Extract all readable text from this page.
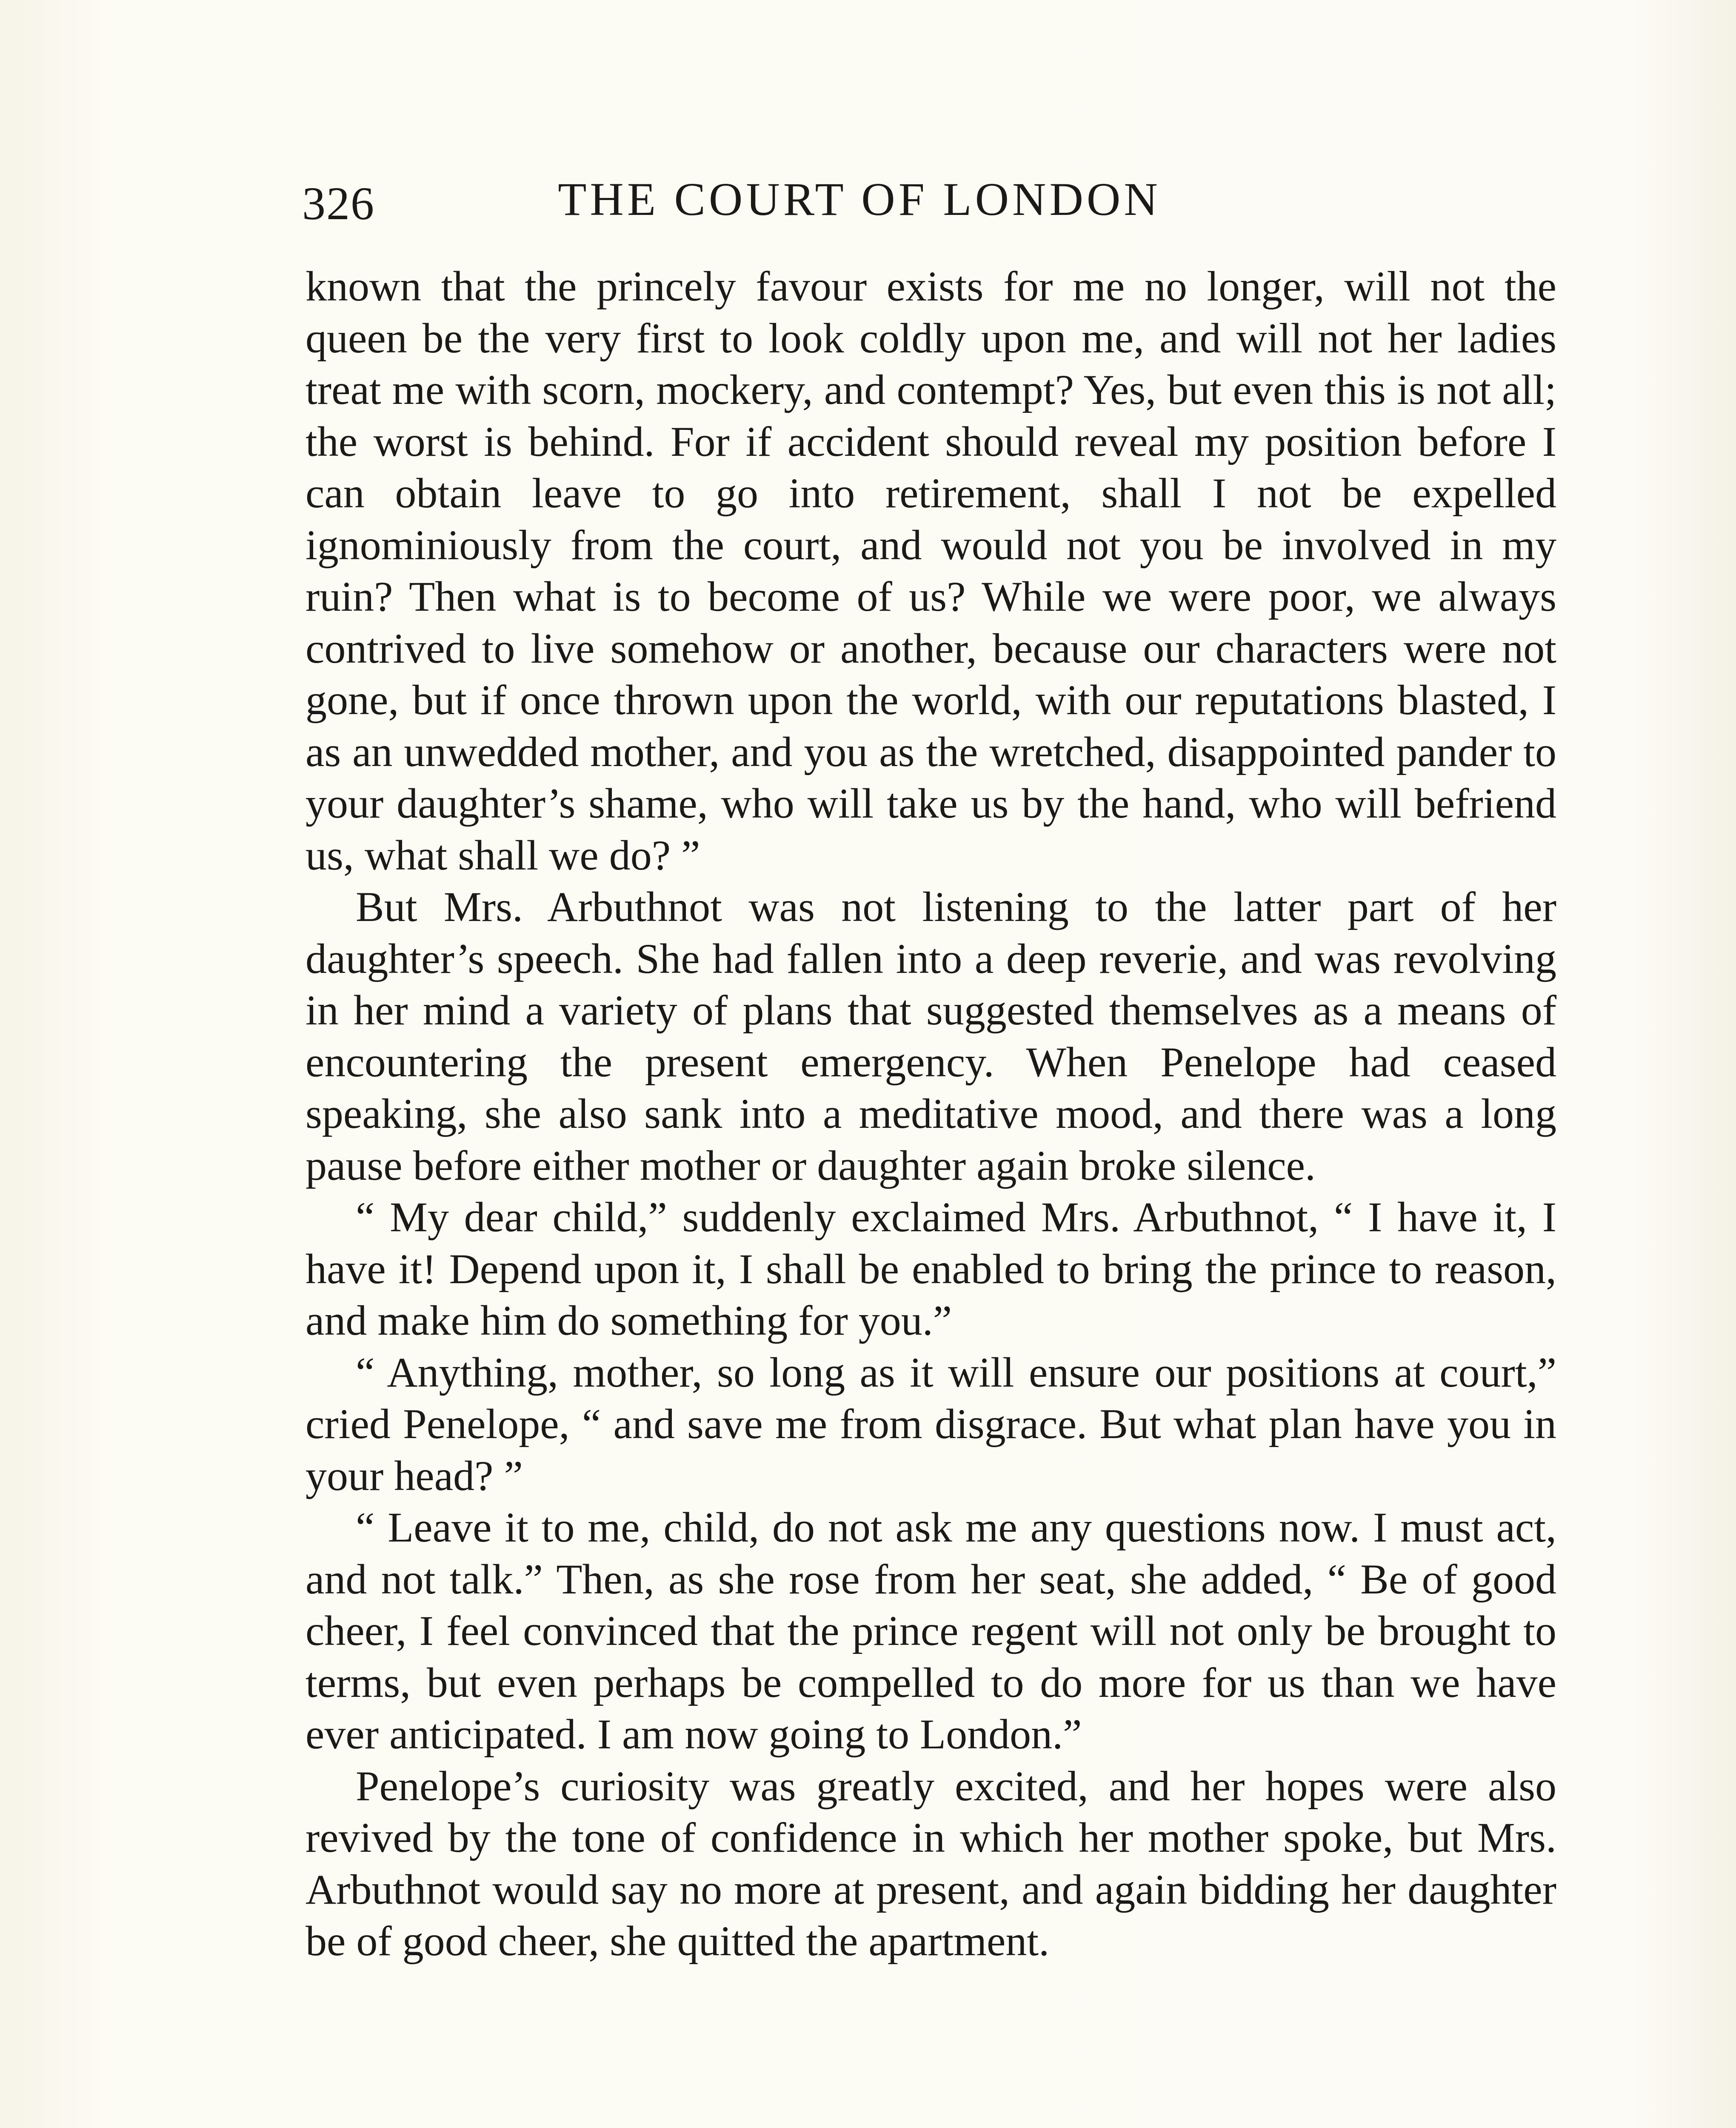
326	THE COURT OF LONDON

known that the princely favour exists for me no longer, will not the queen be the very first to look coldly upon me, and will not her ladies treat me with scorn, mockery, and contempt? Yes, but even this is not all; the worst is behind. For if accident should reveal my position before I can obtain leave to go into retirement, shall I not be expelled ignominiously from the court, and would not you be involved in my ruin? Then what is to become of us? While we were poor, we always contrived to live somehow or another, because our characters were not gone, but if once thrown upon the world, with our reputations blasted, I as an unwedded mother, and you as the wretched, disappointed pander to your daughter’s shame, who will take us by the hand, who will befriend us, what shall we do? ”

But Mrs. Arbuthnot was not listening to the latter part of her daughter’s speech. She had fallen into a deep reverie, and was revolving in her mind a variety of plans that suggested themselves as a means of encountering the present emergency. When Penelope had ceased speaking, she also sank into a meditative mood, and there was a long pause before either mother or daughter again broke silence.

“ My dear child,” suddenly exclaimed Mrs. Arbuthnot, “ I have it, I have it! Depend upon it, I shall be enabled to bring the prince to reason, and make him do something for you.”

“ Anything, mother, so long as it will ensure our positions at court,” cried Penelope, “ and save me from disgrace. But what plan have you in your head? ”

“ Leave it to me, child, do not ask me any questions now. I must act, and not talk.” Then, as she rose from her seat, she added, “ Be of good cheer, I feel convinced that the prince regent will not only be brought to terms, but even perhaps be compelled to do more for us than we have ever anticipated. I am now going to London.”

Penelope’s curiosity was greatly excited, and her hopes were also revived by the tone of confidence in which her mother spoke, but Mrs. Arbuthnot would say no more at present, and again bidding her daughter be of good cheer, she quitted the apartment.
